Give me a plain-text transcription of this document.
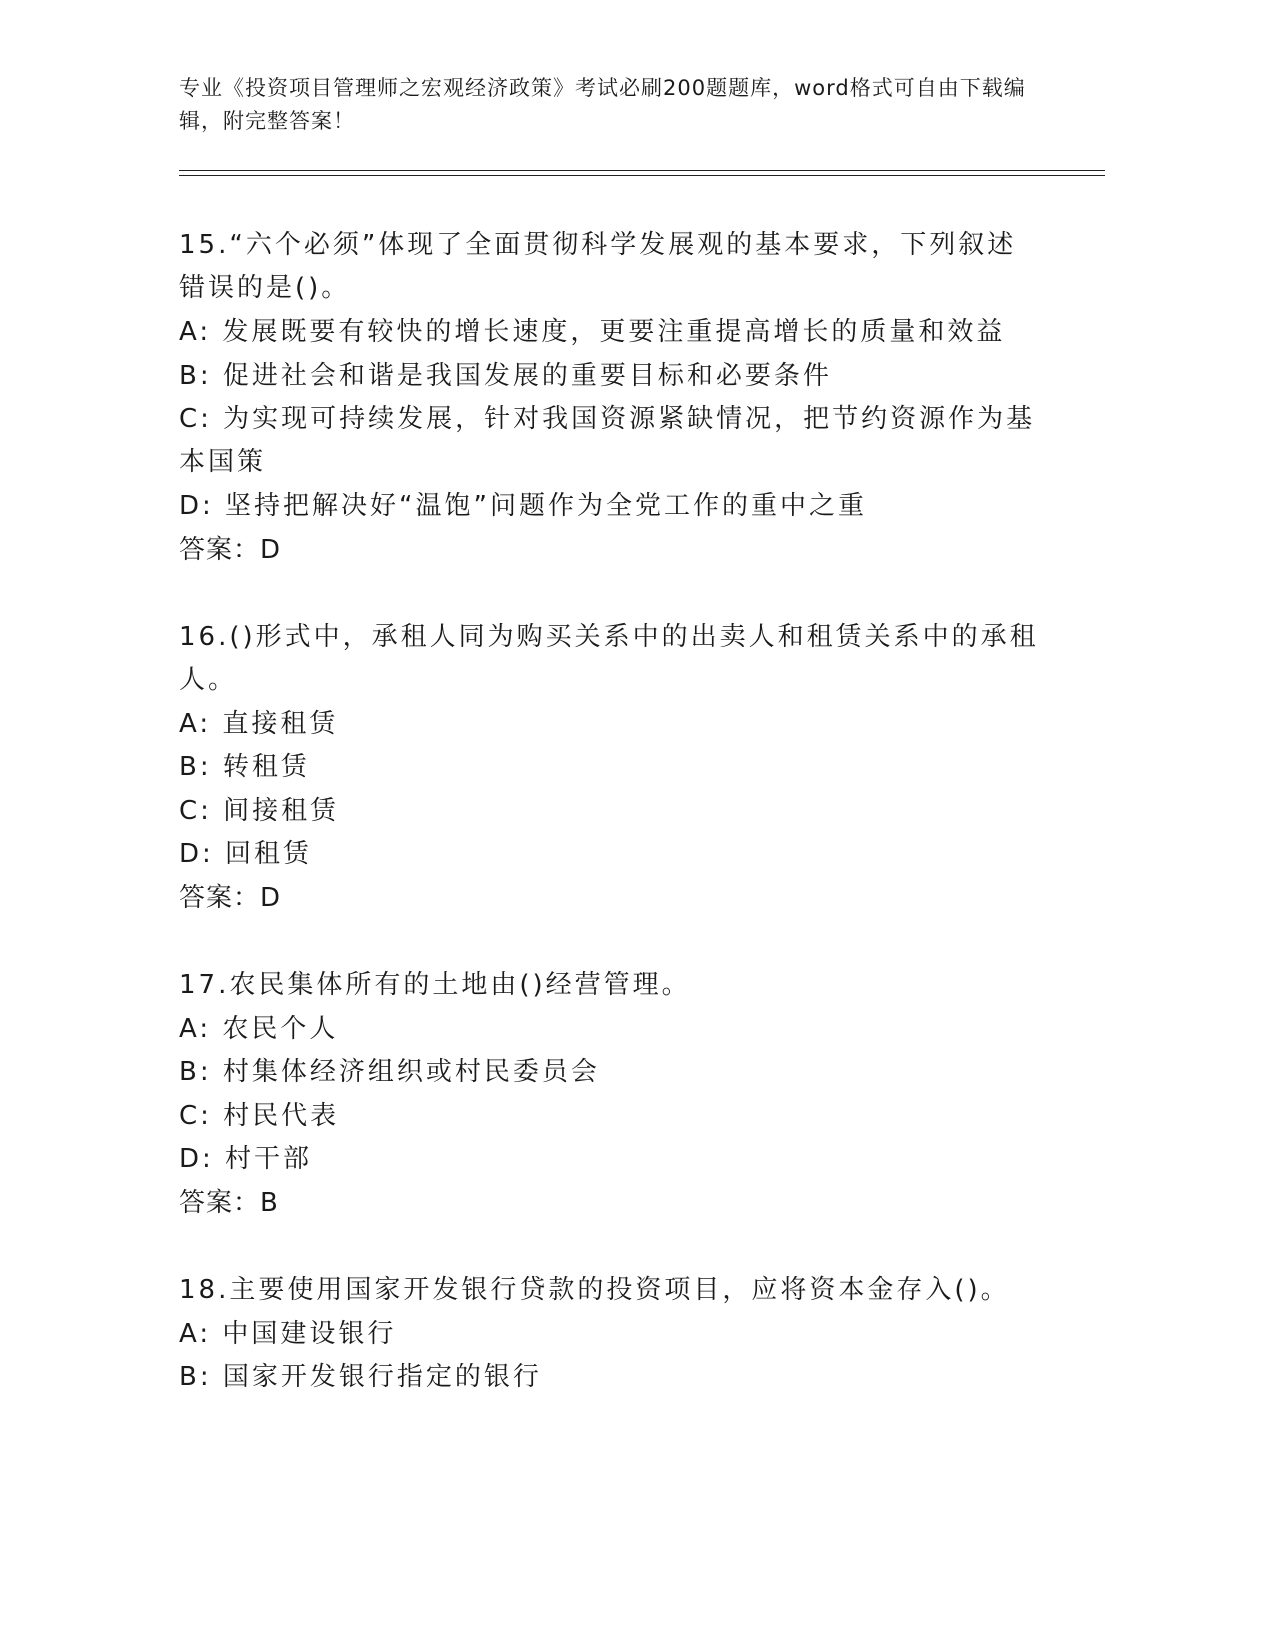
专业《投资项目管理师之宏观经济政策》考试必刷200题题库，word格式可自由下载编辑，附完整答案！
15.“六个必须”体现了全面贯彻科学发展观的基本要求，下列叙述错误的是()。
A: 发展既要有较快的增长速度，更要注重提高增长的质量和效益
B: 促进社会和谐是我国发展的重要目标和必要条件
C: 为实现可持续发展，针对我国资源紧缺情况，把节约资源作为基本国策
D: 坚持把解决好“温饱”问题作为全党工作的重中之重
答案：D
16.()形式中，承租人同为购买关系中的出卖人和租赁关系中的承租人。
A: 直接租赁
B: 转租赁
C: 间接租赁
D: 回租赁
答案：D
17.农民集体所有的土地由()经营管理。
A: 农民个人
B: 村集体经济组织或村民委员会
C: 村民代表
D: 村干部
答案：B
18.主要使用国家开发银行贷款的投资项目，应将资本金存入()。
A: 中国建设银行
B: 国家开发银行指定的银行
